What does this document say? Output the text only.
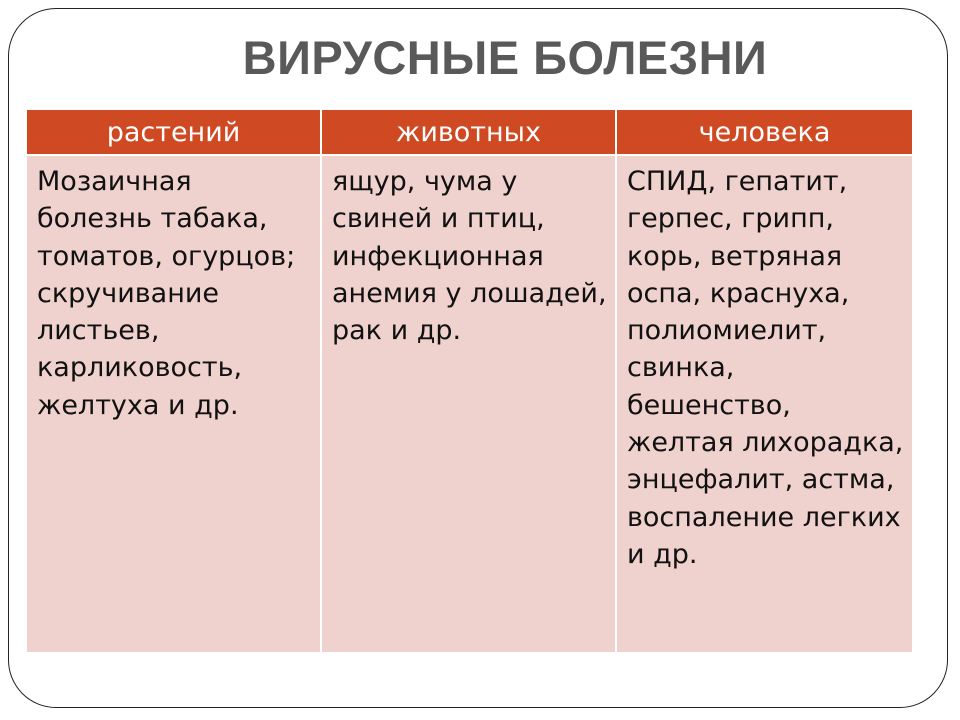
ВИРУСНЫЕ БОЛЕЗНИ
растений	животных	человека
Мозаичная болезнь табака, томатов, огурцов; скручивание листьев, карликовость, желтуха и др.	ящур, чума у свиней и птиц, инфекционная анемия у лошадей, рак и др.	СПИД, гепатит, герпес, грипп, корь, ветряная оспа, краснуха, полиомиелит, свинка, бешенство, желтая лихорадка, энцефалит, астма, воспаление легких и др.
